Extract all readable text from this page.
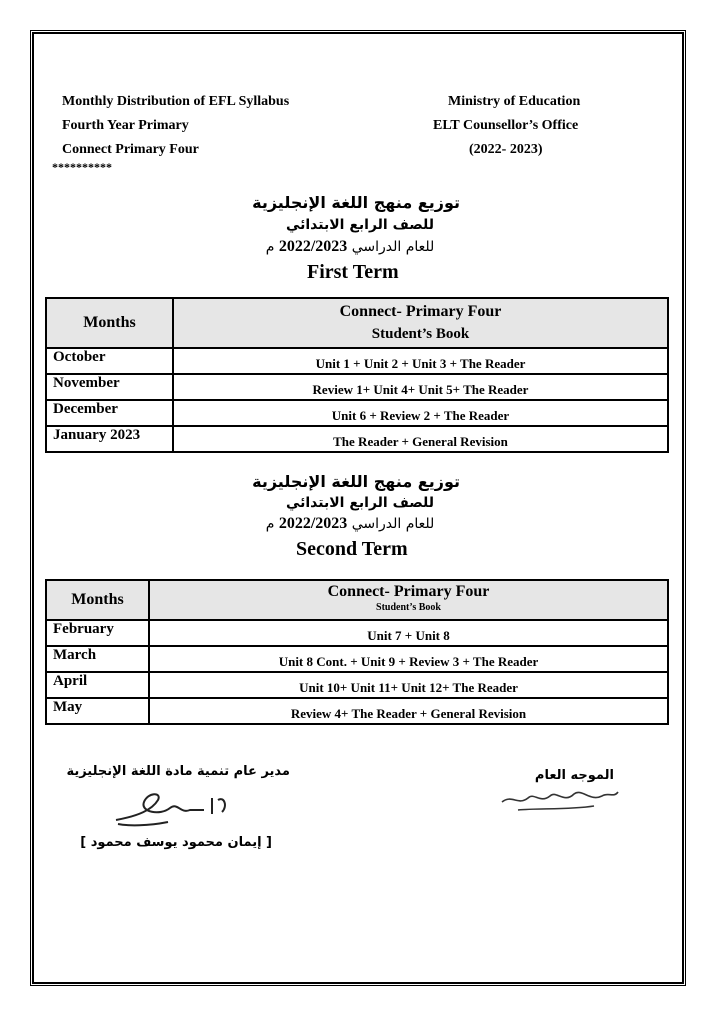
Monthly Distribution of EFL Syllabus
Fourth Year Primary
Connect Primary Four
Ministry of Education
ELT Counsellor’s Office
(2022- 2023)
**********
توزيع منهج اللغة الإنجليزية
للصف الرابع الابتدائي
للعام الدراسي 2022/2023 م
First Term
Months	Connect- Primary Four
Student’s Book

October	Unit 1 + Unit 2 + Unit 3 + The Reader
November	Review 1+ Unit 4+ Unit 5+ The Reader
December	Unit 6 + Review 2 + The Reader
January 2023	The Reader + General Revision
توزيع منهج اللغة الإنجليزية
للصف الرابع الابتدائي
للعام الدراسي 2022/2023 م
Second Term
Months	Connect- Primary Four
Student’s Book

February	Unit 7 + Unit 8
March	Unit 8 Cont. + Unit 9 + Review 3 + The Reader
April	Unit 10+ Unit 11+ Unit 12+ The Reader
May	Review 4+ The Reader + General Revision
مدير عام تنمية مادة اللغة الإنجليزية
[ إيمان محمود يوسف محمود ]
الموجه العام
